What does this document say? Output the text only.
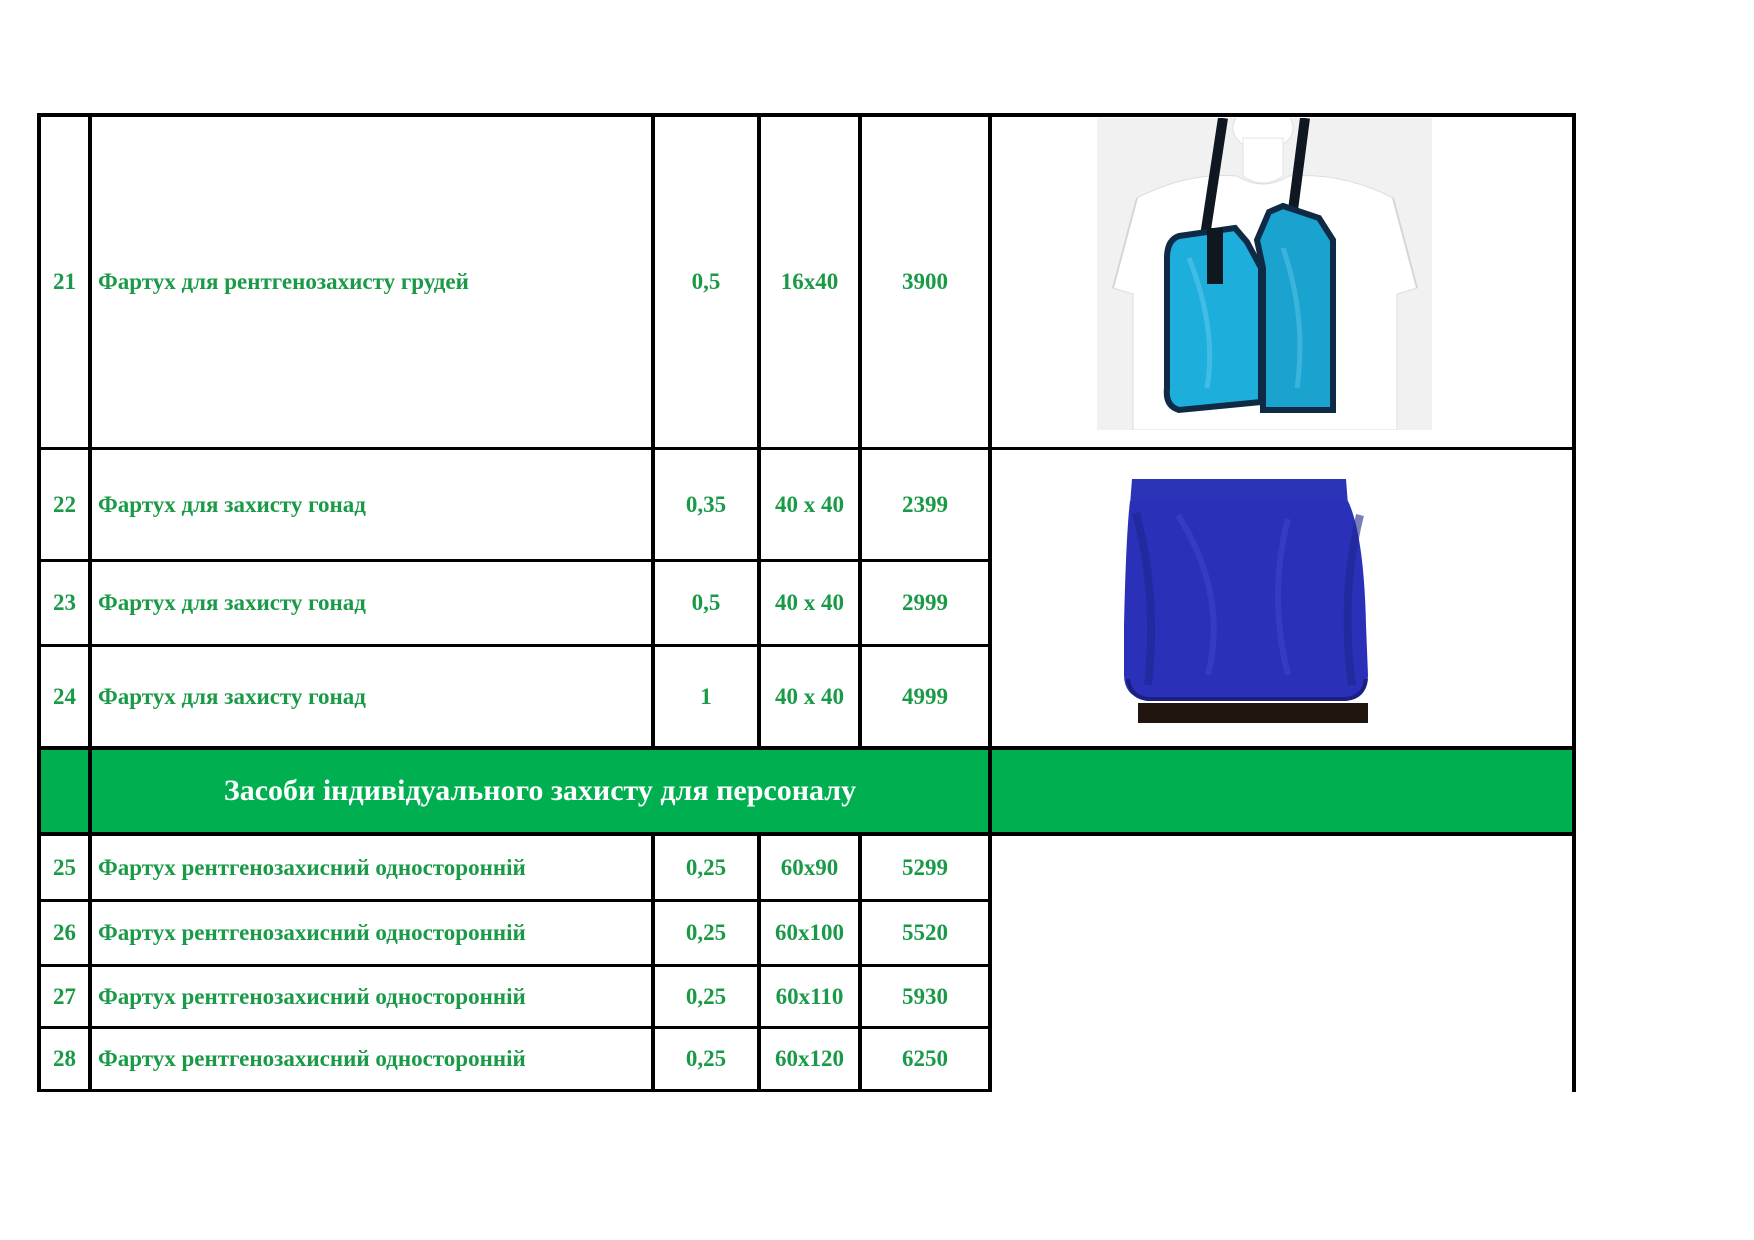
Засоби індивідуального захисту для персоналу
21 Фартух для рентгенозахисту грудей	0,5	16x40	3900
22 Фартух для захисту гонад	0,35	40 х 40	2399
23 Фартух для захисту гонад	0,5	40 х 40	2999
24 Фартух для захисту гонад	1	40 х 40	4999
25 Фартух рентгенозахисний односторонній	0,25	60x90	5299
26 Фартух рентгенозахисний односторонній	0,25	60x100	5520
27 Фартух рентгенозахисний односторонній	0,25	60x110	5930
28 Фартух рентгенозахисний односторонній	0,25	60x120	6250
